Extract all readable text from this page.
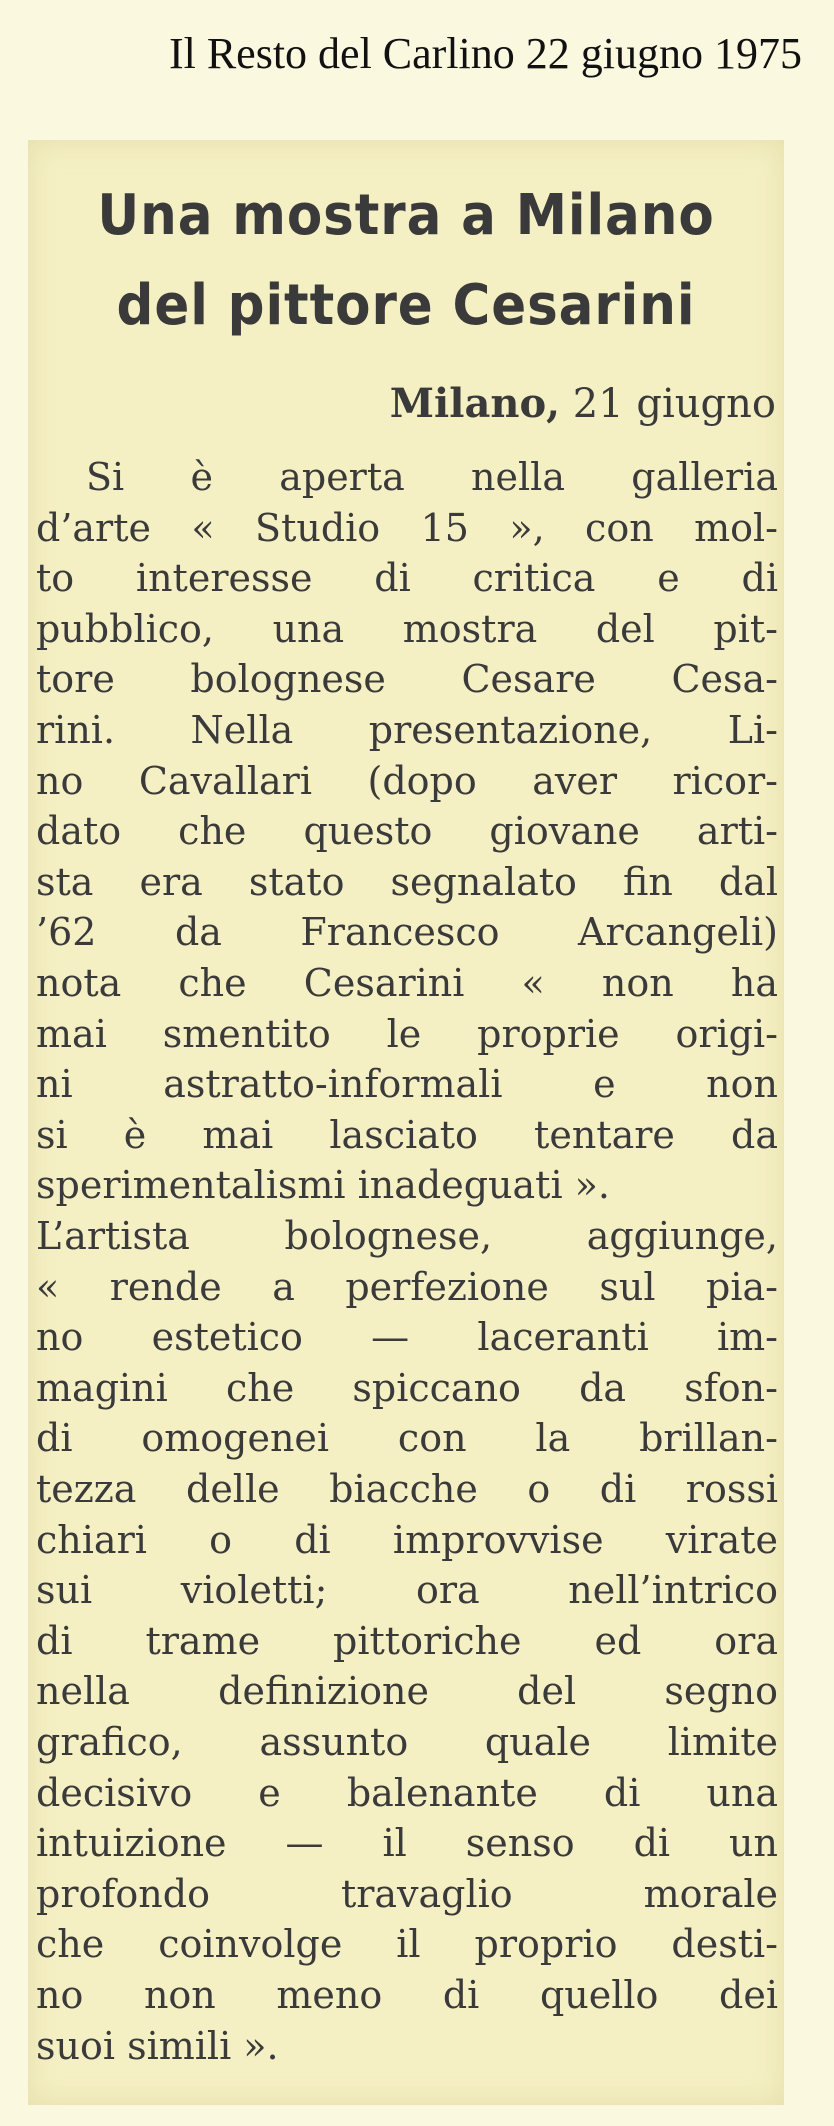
Il Resto del Carlino 22 giugno 1975
Una mostra a Milano
del pittore Cesarini
Milano, 21 giugno
Si è aperta nella galleria
d’arte « Studio 15 », con mol-
to interesse di critica e di
pubblico, una mostra del pit-
tore bolognese Cesare Cesa-
rini. Nella presentazione, Li-
no Cavallari (dopo aver ricor-
dato che questo giovane arti-
sta era stato segnalato fin dal
’62 da Francesco Arcangeli)
nota che Cesarini « non ha
mai smentito le proprie origi-
ni astratto-informali e non
si è mai lasciato tentare da
sperimentalismi inadeguati ».
L’artista bolognese, aggiunge,
« rende a perfezione sul pia-
no estetico — laceranti im-
magini che spiccano da sfon-
di omogenei con la brillan-
tezza delle biacche o di rossi
chiari o di improvvise virate
sui violetti; ora nell’intrico
di trame pittoriche ed ora
nella definizione del segno
grafico, assunto quale limite
decisivo e balenante di una
intuizione — il senso di un
profondo travaglio morale
che coinvolge il proprio desti-
no non meno di quello dei
suoi simili ».
